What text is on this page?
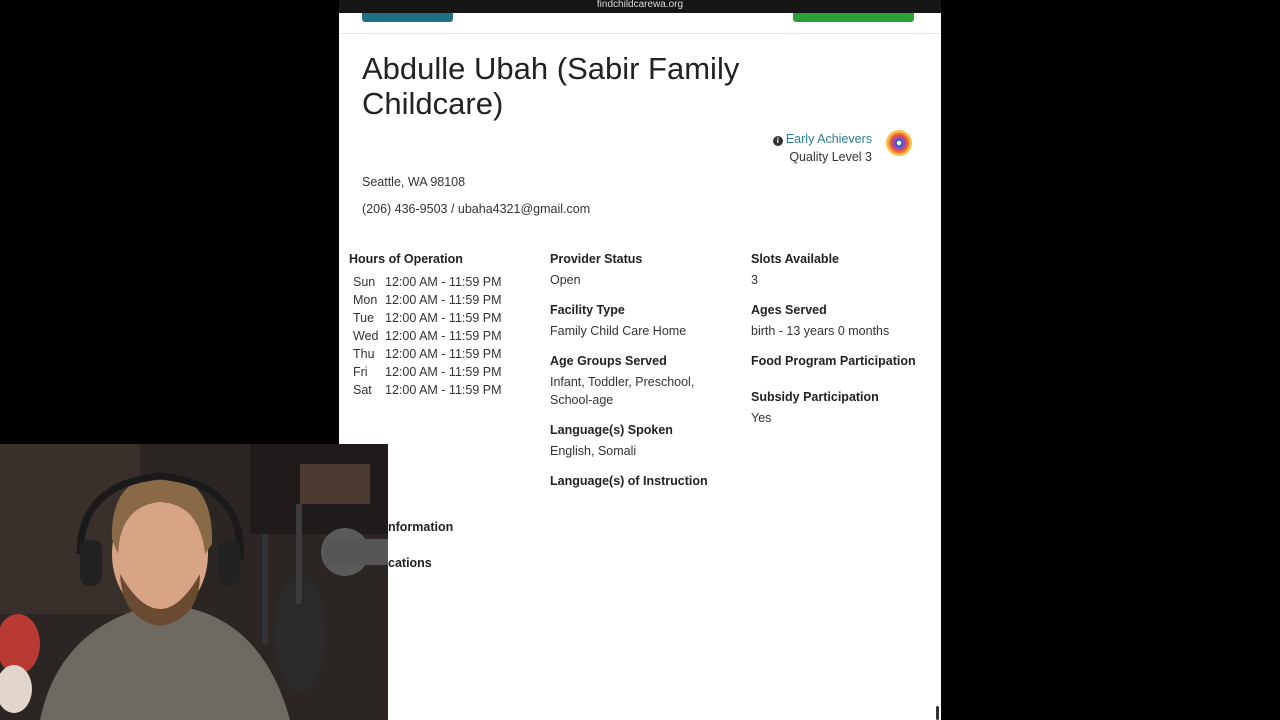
findchildcarewa.org
Abdulle Ubah (Sabir Family Childcare)
i Early Achievers
Quality Level 3
Seattle, WA 98108
(206) 436-9503 / ubaha4321@gmail.com
Hours of Operation
Sun 12:00 AM - 11:59 PM
Mon 12:00 AM - 11:59 PM
Tue 12:00 AM - 11:59 PM
Wed 12:00 AM - 11:59 PM
Thu 12:00 AM - 11:59 PM
Fri	12:00 AM - 11:59 PM
Sat	12:00 AM - 11:59 PM
Provider Status
Open
Facility Type
Family Child Care Home
Age Groups Served
Infant, Toddler, Preschool, School-age
Language(s) Spoken
English, Somali
Language(s) of Instruction
Slots Available
3
Ages Served
birth - 13 years 0 months
Food Program Participation
Subsidy Participation
Yes
nformation
cations
